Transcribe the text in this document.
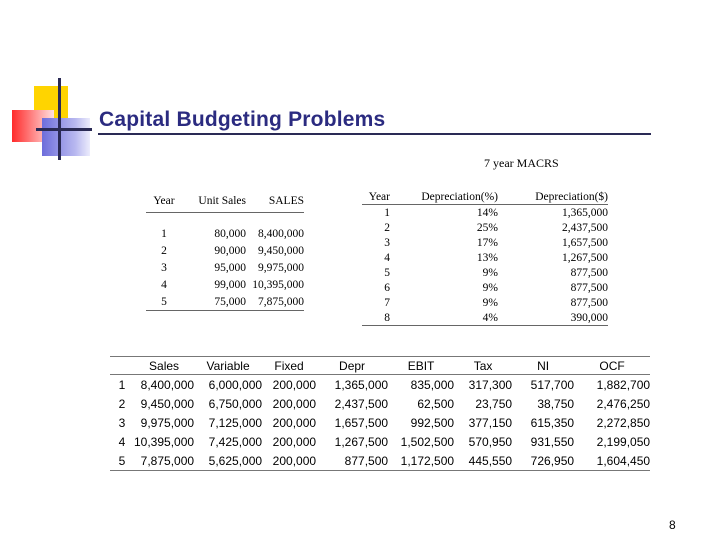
Capital Budgeting Problems
Year	Unit Sales	SALES
1	80,000	8,400,000
2	90,000	9,450,000
3	95,000	9,975,000
4	99,000	10,395,000
5	75,000	7,875,000
7 year MACRS
Year	Depreciation(%)	Depreciation($)
1	14%	1,365,000
2	25%	2,437,500
3	17%	1,657,500
4	13%	1,267,500
5	9%	877,500
6	9%	877,500
7	9%	877,500
8	4%	390,000
	Sales	Variable	Fixed	Depr	EBIT	Tax	NI	OCF
1	8,400,000	6,000,000	200,000	1,365,000	835,000	317,300	517,700	1,882,700
2	9,450,000	6,750,000	200,000	2,437,500	62,500	23,750	38,750	2,476,250
3	9,975,000	7,125,000	200,000	1,657,500	992,500	377,150	615,350	2,272,850
4	10,395,000	7,425,000	200,000	1,267,500	1,502,500	570,950	931,550	2,199,050
5	7,875,000	5,625,000	200,000	877,500	1,172,500	445,550	726,950	1,604,450
8
